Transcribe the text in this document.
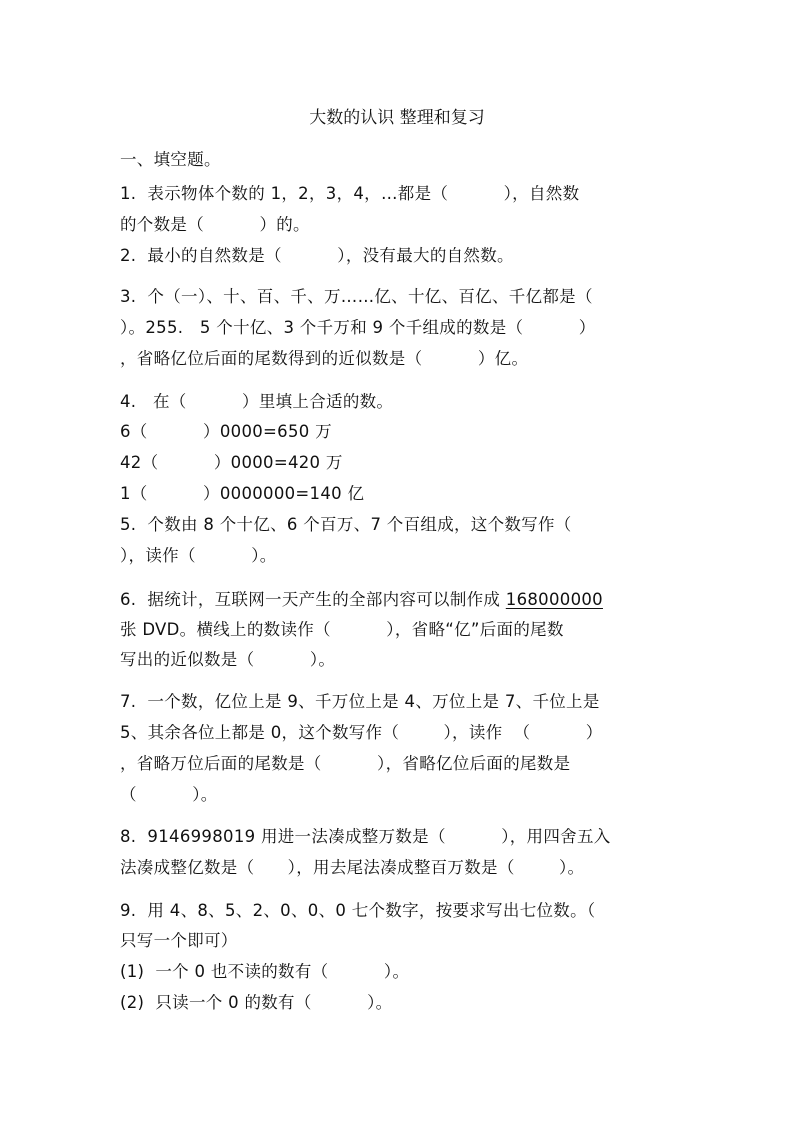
大数的认识 整理和复习
一、填空题。
1.  表示物体个数的 1，2，3，4，…都是（          ），自然数
的个数是（          ）的。
2.  最小的自然数是（          ），没有最大的自然数。
3.  个（一）、十、百、千、万……亿、十亿、百亿、千亿都是（
）。255.   5 个十亿、3 个千万和 9 个千组成的数是（          ）
，省略亿位后面的尾数得到的近似数是（          ）亿。
4.   在（          ）里填上合适的数。
6（          ）0000=650 万
42（          ）0000=420 万
1（          ）0000000=140 亿
5.  个数由 8 个十亿、6 个百万、7 个百组成，这个数写作（
），读作（          ）。
6.  据统计，互联网一天产生的全部内容可以制作成 168000000
张 DVD。横线上的数读作（          ），省略“亿”后面的尾数
写出的近似数是（          ）。
7.  一个数，亿位上是 9、千万位上是 4、万位上是 7、千位上是
5、其余各位上都是 0，这个数写作（        ），读作  （          ）
，省略万位后面的尾数是（          ），省略亿位后面的尾数是
（          ）。
8.  9146998019 用进一法凑成整万数是（          ），用四舍五入
法凑成整亿数是（      ），用去尾法凑成整百万数是（        ）。
9.  用 4、8、5、2、0、0、0 七个数字，按要求写出七位数。（
只写一个即可）
(1)  一个 0 也不读的数有（          ）。
(2)  只读一个 0 的数有（          ）。
